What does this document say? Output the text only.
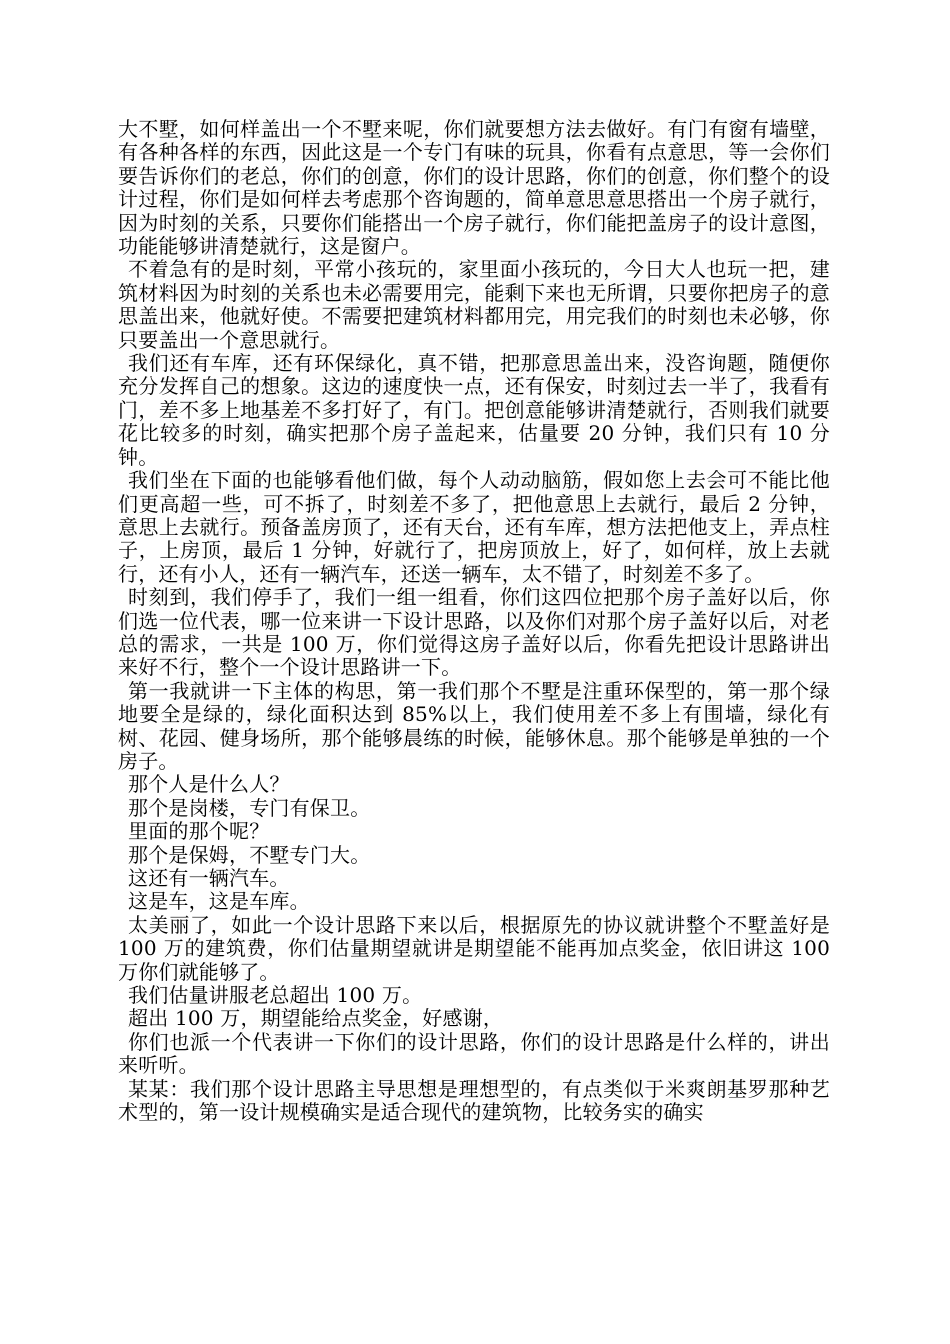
大不墅，如何样盖出一个不墅来呢，你们就要想方法去做好。有门有窗有墙壁，有各种各样的东西，因此这是一个专门有味的玩具，你看有点意思，等一会你们要告诉你们的老总，你们的创意，你们的设计思路，你们的创意，你们整个的设计过程，你们是如何样去考虑那个咨询题的，简单意思意思搭出一个房子就行，因为时刻的关系，只要你们能搭出一个房子就行，你们能把盖房子的设计意图，功能能够讲清楚就行，这是窗户。

不着急有的是时刻，平常小孩玩的，家里面小孩玩的，今日大人也玩一把，建筑材料因为时刻的关系也未必需要用完，能剩下来也无所谓，只要你把房子的意思盖出来，他就好使。不需要把建筑材料都用完，用完我们的时刻也未必够，你只要盖出一个意思就行。

我们还有车库，还有环保绿化，真不错，把那意思盖出来，没咨询题，随便你充分发挥自己的想象。这边的速度快一点，还有保安，时刻过去一半了，我看有门，差不多上地基差不多打好了，有门。把创意能够讲清楚就行，否则我们就要花比较多的时刻，确实把那个房子盖起来，估量要 20 分钟，我们只有 10 分钟。

我们坐在下面的也能够看他们做，每个人动动脑筋，假如您上去会可不能比他们更高超一些，可不拆了，时刻差不多了，把他意思上去就行，最后 2 分钟，意思上去就行。预备盖房顶了，还有天台，还有车库，想方法把他支上，弄点柱子，上房顶，最后 1 分钟，好就行了，把房顶放上，好了，如何样，放上去就行，还有小人，还有一辆汽车，还送一辆车，太不错了，时刻差不多了。

时刻到，我们停手了，我们一组一组看，你们这四位把那个房子盖好以后，你们选一位代表，哪一位来讲一下设计思路，以及你们对那个房子盖好以后，对老总的需求，一共是 100 万，你们觉得这房子盖好以后，你看先把设计思路讲出来好不行，整个一个设计思路讲一下。

第一我就讲一下主体的构思，第一我们那个不墅是注重环保型的，第一那个绿地要全是绿的，绿化面积达到 85%以上，我们使用差不多上有围墙，绿化有树、花园、健身场所，那个能够晨练的时候，能够休息。那个能够是单独的一个房子。

那个人是什么人？

那个是岗楼，专门有保卫。

里面的那个呢？

那个是保姆，不墅专门大。

这还有一辆汽车。

这是车，这是车库。

太美丽了，如此一个设计思路下来以后，根据原先的协议就讲整个不墅盖好是 100 万的建筑费，你们估量期望就讲是期望能不能再加点奖金，依旧讲这 100 万你们就能够了。

我们估量讲服老总超出 100 万。

超出 100 万，期望能给点奖金，好感谢，

你们也派一个代表讲一下你们的设计思路，你们的设计思路是什么样的，讲出来听听。

某某：我们那个设计思路主导思想是理想型的，有点类似于米爽朗基罗那种艺术型的，第一设计规模确实是适合现代的建筑物，比较务实的确实
